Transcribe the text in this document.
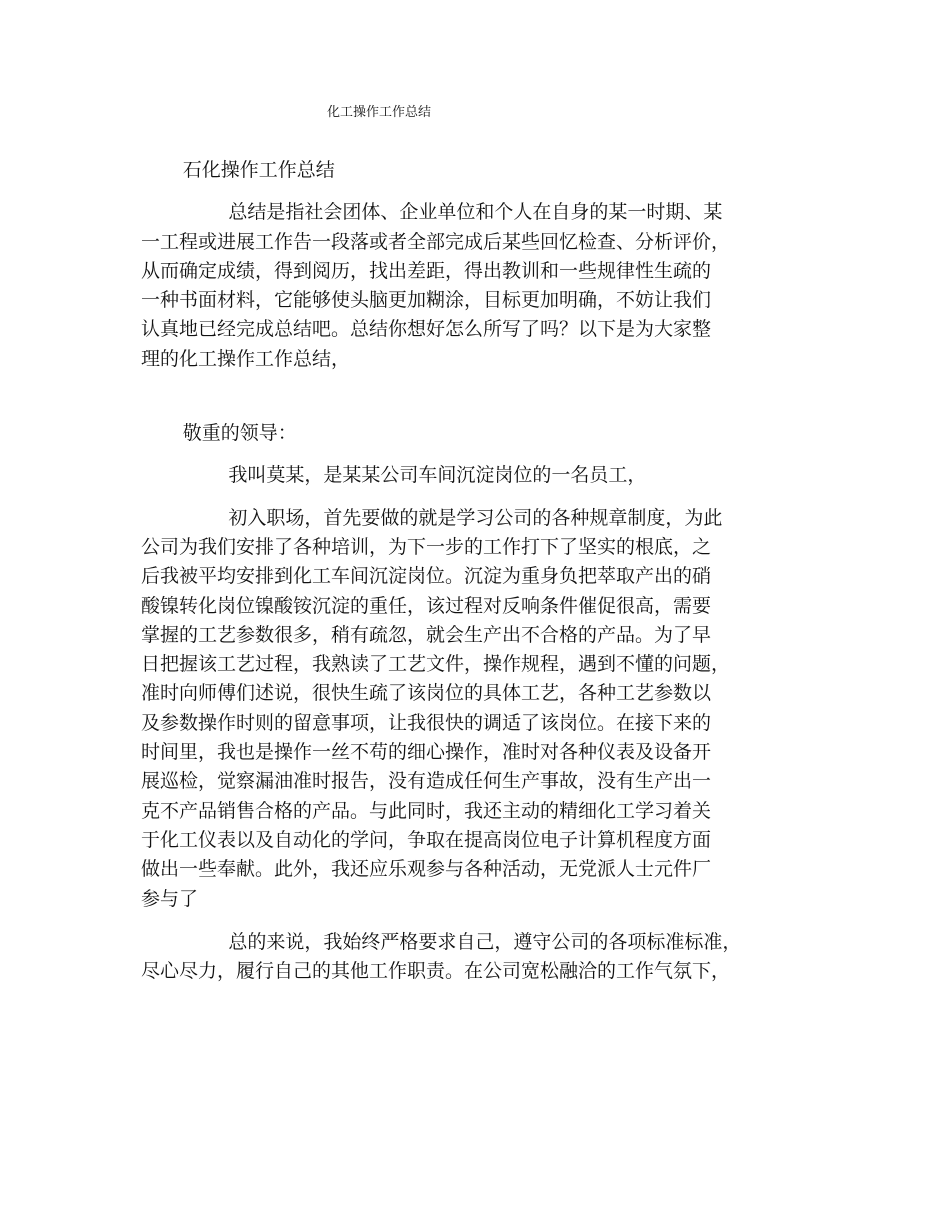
化工操作工作总结

石化操作工作总结

总结是指社会团体、企业单位和个人在自身的某一时期、某
一工程或进展工作告一段落或者全部完成后某些回忆检查、分析评价，
从而确定成绩，得到阅历，找出差距，得出教训和一些规律性生疏的
一种书面材料，它能够使头脑更加糊涂，目标更加明确，不妨让我们
认真地已经完成总结吧。总结你想好怎么所写了吗？以下是为大家整
理的化工操作工作总结，

敬重的领导：

我叫莫某，是某某公司车间沉淀岗位的一名员工，

初入职场，首先要做的就是学习公司的各种规章制度，为此
公司为我们安排了各种培训，为下一步的工作打下了坚实的根底，之
后我被平均安排到化工车间沉淀岗位。沉淀为重身负把萃取产出的硝
酸镍转化岗位镍酸铵沉淀的重任，该过程对反响条件催促很高，需要
掌握的工艺参数很多，稍有疏忽，就会生产出不合格的产品。为了早
日把握该工艺过程，我熟读了工艺文件，操作规程，遇到不懂的问题，
准时向师傅们述说，很快生疏了该岗位的具体工艺，各种工艺参数以
及参数操作时则的留意事项，让我很快的调适了该岗位。在接下来的
时间里，我也是操作一丝不苟的细心操作，准时对各种仪表及设备开
展巡检，觉察漏油准时报告，没有造成任何生产事故，没有生产出一
克不产品销售合格的产品。与此同时，我还主动的精细化工学习着关
于化工仪表以及自动化的学问，争取在提高岗位电子计算机程度方面
做出一些奉献。此外，我还应乐观参与各种活动，无党派人士元件厂
参与了

总的来说，我始终严格要求自己，遵守公司的各项标准标准，
尽心尽力，履行自己的其他工作职责。在公司宽松融洽的工作气氛下，
